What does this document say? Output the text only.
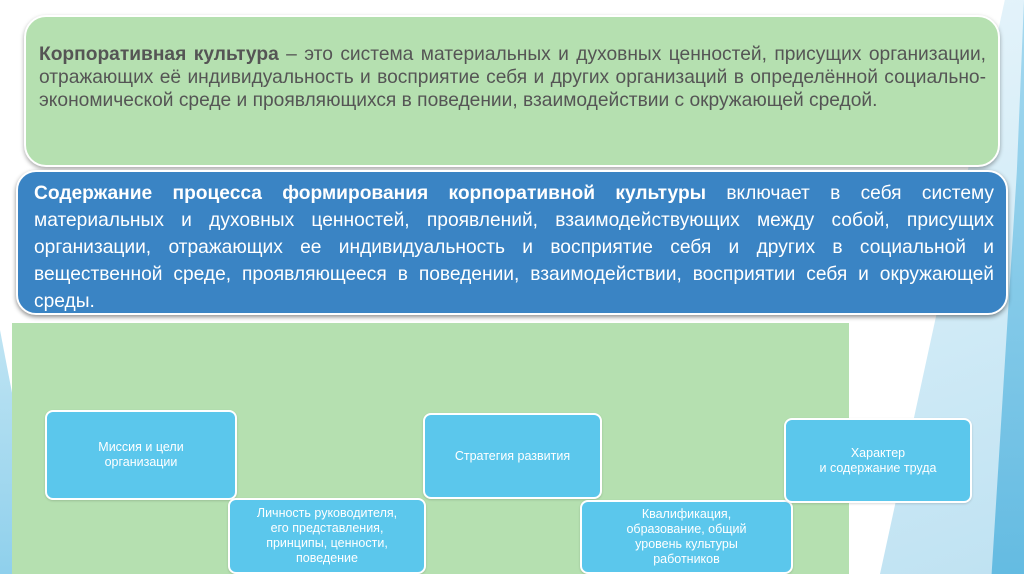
Корпоративная культура – это система материальных и духовных ценностей, присущих организации, отражающих её индивидуальность и восприятие себя и других организаций в определённой социально-экономической среде и проявляющихся в поведении, взаимодействии с окружающей средой.

Содержание процесса формирования корпоративной культуры включает в себя систему материальных и духовных ценностей, проявлений, взаимодействующих между собой, присущих организации, отражающих ее индивидуальность и восприятие себя и других в социальной и вещественной среде, проявляющееся в поведении, взаимодействии, восприятии себя и окружающей среды.

Миссия и цели
организации
Личность руководителя,
его представления,
принципы, ценности,
поведение
Стратегия развития
Квалификация,
образование, общий
уровень культуры
работников
Характер
и содержание труда
